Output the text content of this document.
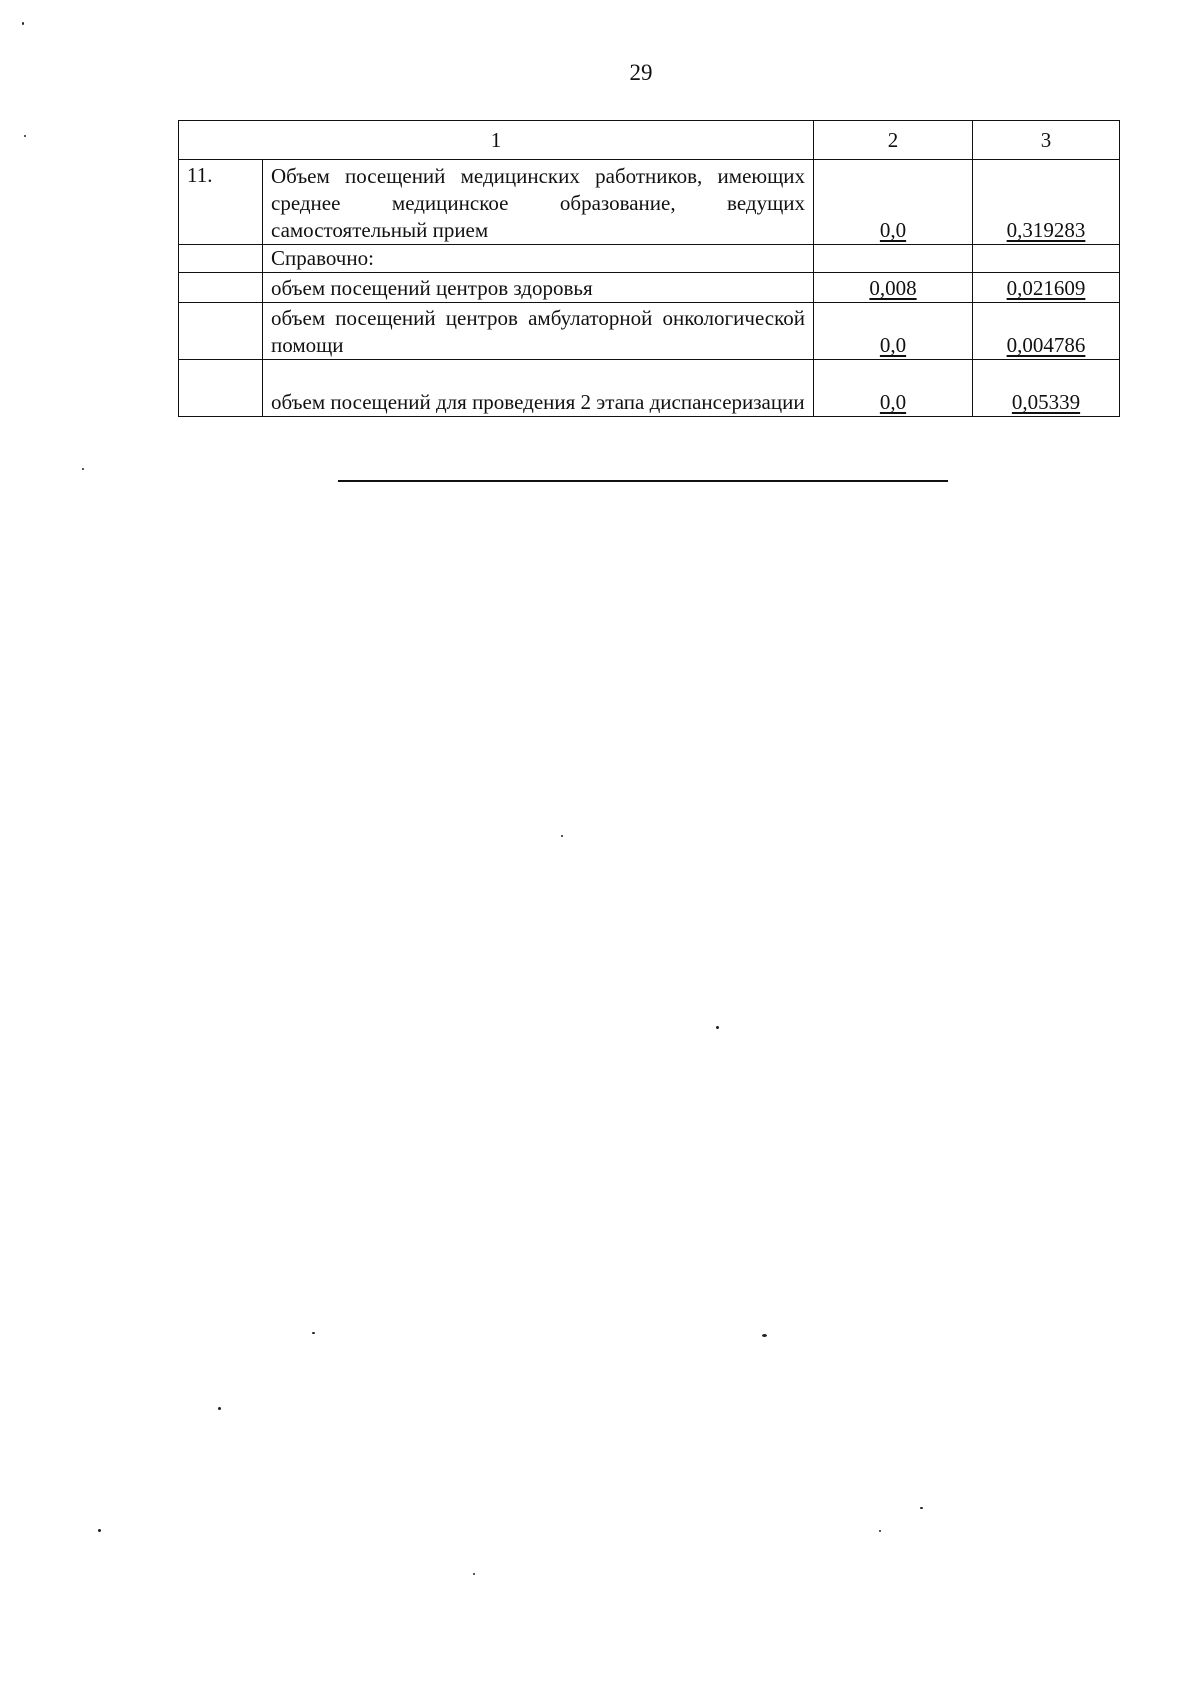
29
1		2	3
11.	Объем посещений медицинских работников, имеющих среднее медицинское образование, ведущих самостоятельный прием	0,0	0,319283
	Справочно:		
	объем посещений центров здоровья	0,008	0,021609
	объем посещений центров амбулаторной онкологической помощи	0,0	0,004786
	объем посещений для проведения 2 этапа диспансеризации	0,0	0,05339
